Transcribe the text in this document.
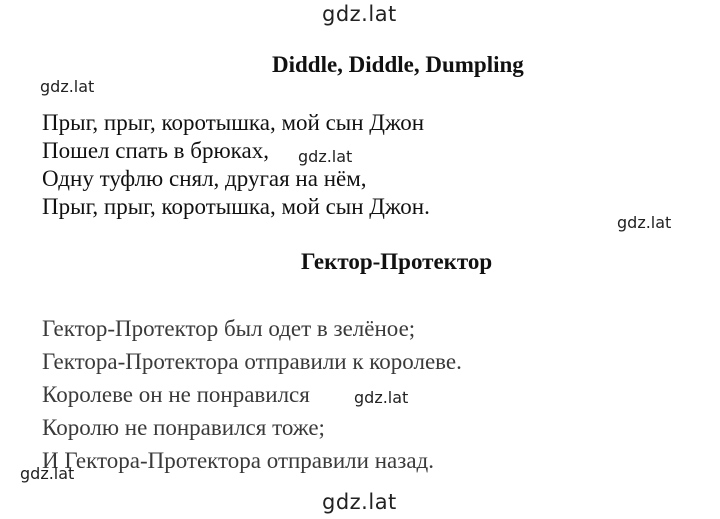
gdz.lat
Diddle, Diddle, Dumpling
gdz.lat
Прыг, прыг, коротышка, мой сын Джон
Пошел спать в брюках,
Одну туфлю снял, другая на нём,
Прыг, прыг, коротышка, мой сын Джон.
gdz.lat
gdz.lat
Гектор-Протектор
Гектор-Протектор был одет в зелёное;
Гектора-Протектора отправили к королеве.
Королеве он не понравился
Королю не понравился тоже;
И Гектора-Протектора отправили назад.
gdz.lat
gdz.lat
gdz.lat
